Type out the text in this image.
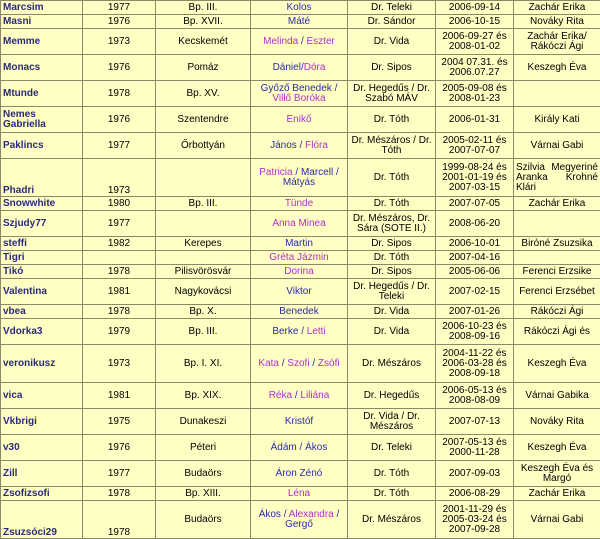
Marcsim	1977	Bp. III.	Kolos	Dr. Teleki	2006-09-14	Zachár Erika
Masni	1976	Bp. XVII.	Máté	Dr. Sándor	2006-10-15	Nováky Rita
Memme	1973	Kecskemét	Melinda / Eszter	Dr. Vida	2006-09-27 és 2008-01-02	Zachár Erika/ Rákóczi Ági
Monacs	1976	Pomáz	Dániel/Dóra	Dr. Sipos	2004 07.31. és 2006.07.27	Keszegh Éva
Mtunde	1978	Bp. XV.	Győző Benedek / Villő Boróka	Dr. Hegedűs / Dr. Szabó MÁV	2005-09-08 és 2008-01-23	
Nemes Gabriella	1976	Szentendre	Enikő	Dr. Tóth	2006-01-31	Király Kati
Paklincs	1977	Őrbottyán	János / Flóra	Dr. Mészáros / Dr. Tóth	2005-02-11 és 2007-07-07	Várnai Gabi
Phadri	1973		Patricia / Marcell / Mátyás	Dr. Tóth	1999-08-24 és 2001-01-19 és 2007-03-15	Szilvia Megyeriné Aranka Krohné Klári
Snowwhite	1980	Bp. III.	Tünde	Dr. Tóth	2007-07-05	Zachár Erika
Szjudy77	1977		Anna Minea	Dr. Mészáros, Dr. Sára (SOTE II.)	2008-06-20	
steffi	1982	Kerepes	Martin	Dr. Sipos	2006-10-01	Biróné Zsuzsika
Tigri			Gréta Jázmin	Dr. Tóth	2007-04-16	
Tikó	1978	Pilisvörösvár	Dorina	Dr. Sipos	2005-06-06	Ferenci Erzsike
Valentina	1981	Nagykovácsi	Viktor	Dr. Hegedűs / Dr. Teleki	2007-02-15	Ferenci Erzsébet
vbea	1978	Bp. X.	Benedek	Dr. Vida	2007-01-26	Rákóczi Ági
Vdorka3	1979	Bp. III.	Berke / Letti	Dr. Vida	2006-10-23 és 2008-09-16	Rákóczi Ági és
veronikusz	1973	Bp. I. XI.	Kata / Szofi / Zsófi	Dr. Mészáros	2004-11-22 és 2006-03-28 és 2008-09-18	Keszegh Éva
vica	1981	Bp. XIX.	Réka / Liliána	Dr. Hegedűs	2006-05-13 és 2008-08-09	Várnai Gabika
Vkbrigi	1975	Dunakeszi	Kristóf	Dr. Vida / Dr. Mészáros	2007-07-13	Nováky Rita
v30	1976	Péteri	Ádám / Ákos	Dr. Teleki	2007-05-13 és 2000-11-28	Keszegh Éva
Zill	1977	Budaörs	Áron Zénó	Dr. Tóth	2007-09-03	Keszegh Éva és Margó
Zsofizsofi	1978	Bp. XIII.	Léna	Dr. Tóth	2006-08-29	Zachár Erika
Zsuzsóci29	1978	Budaörs	Ákos / Alexandra / Gergő	Dr. Mészáros	2001-11-29 és 2005-03-24 és 2007-09-28	Várnai Gabi
